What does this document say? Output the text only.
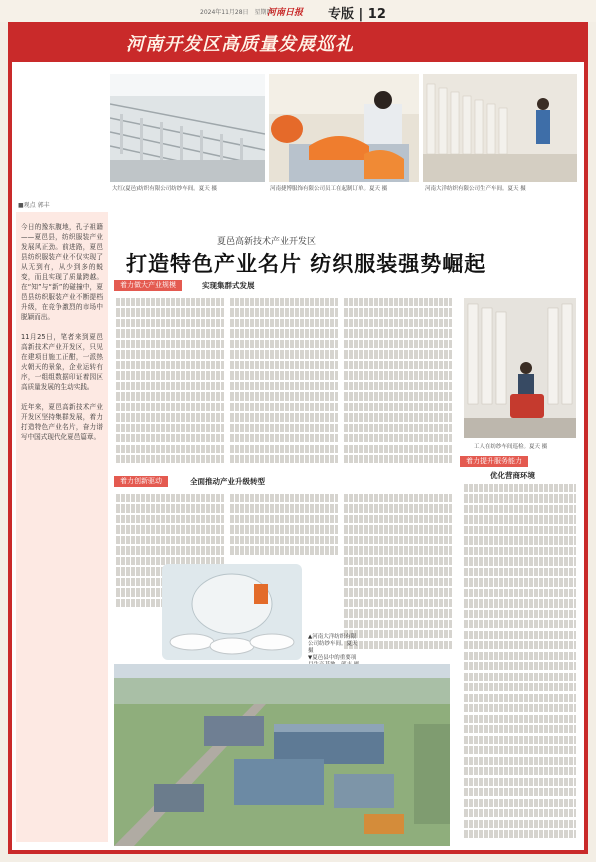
2024年11月28日　星期四
河南日报 专版 | 12
河南开发区高质量发展巡礼
大红(夏邑)纺织有限公司纺纱车间。夏天 摄	河南捷博服饰有限公司员工在起制订单。夏天 摄	河南大洋纺织有限公司生产车间。夏天 摄
■观点 郭丰

今日的豫东腹地，孔子祖籍——夏邑县，纺织服装产业发展风正劲。前进路，夏邑县纺织服装产业不仅实现了从无到有，从少到多的蜕变，而且实现了质量跨越。在“知”与“新”的碰撞中，夏邑县纺织服装产业不断提档升级，在竞争激烈的市场中脱颖而出。

11月25日，笔者来到夏邑高新技术产业开发区，只见在建项目施工正酣，一派热火朝天的景象，企业运转有序，一组组数据印证着园区高质量发展的生动实践。

近年来，夏邑高新技术产业开发区坚持集群发展，着力打造特色产业名片，奋力谱写中国式现代化夏邑篇章。

夏邑高新技术产业开发区
打造特色产业名片 纺织服装强势崛起
着力做大产业规模	实现集群式发展
工人在纺纱车间巡检。夏天 摄
着力创新驱动	全面推动产业升级转型
▲河南大洋纺织有限公司纺纱车间。夏天 摄
▼夏邑县中的重要项
着力提升服务能力
优化营商环境
